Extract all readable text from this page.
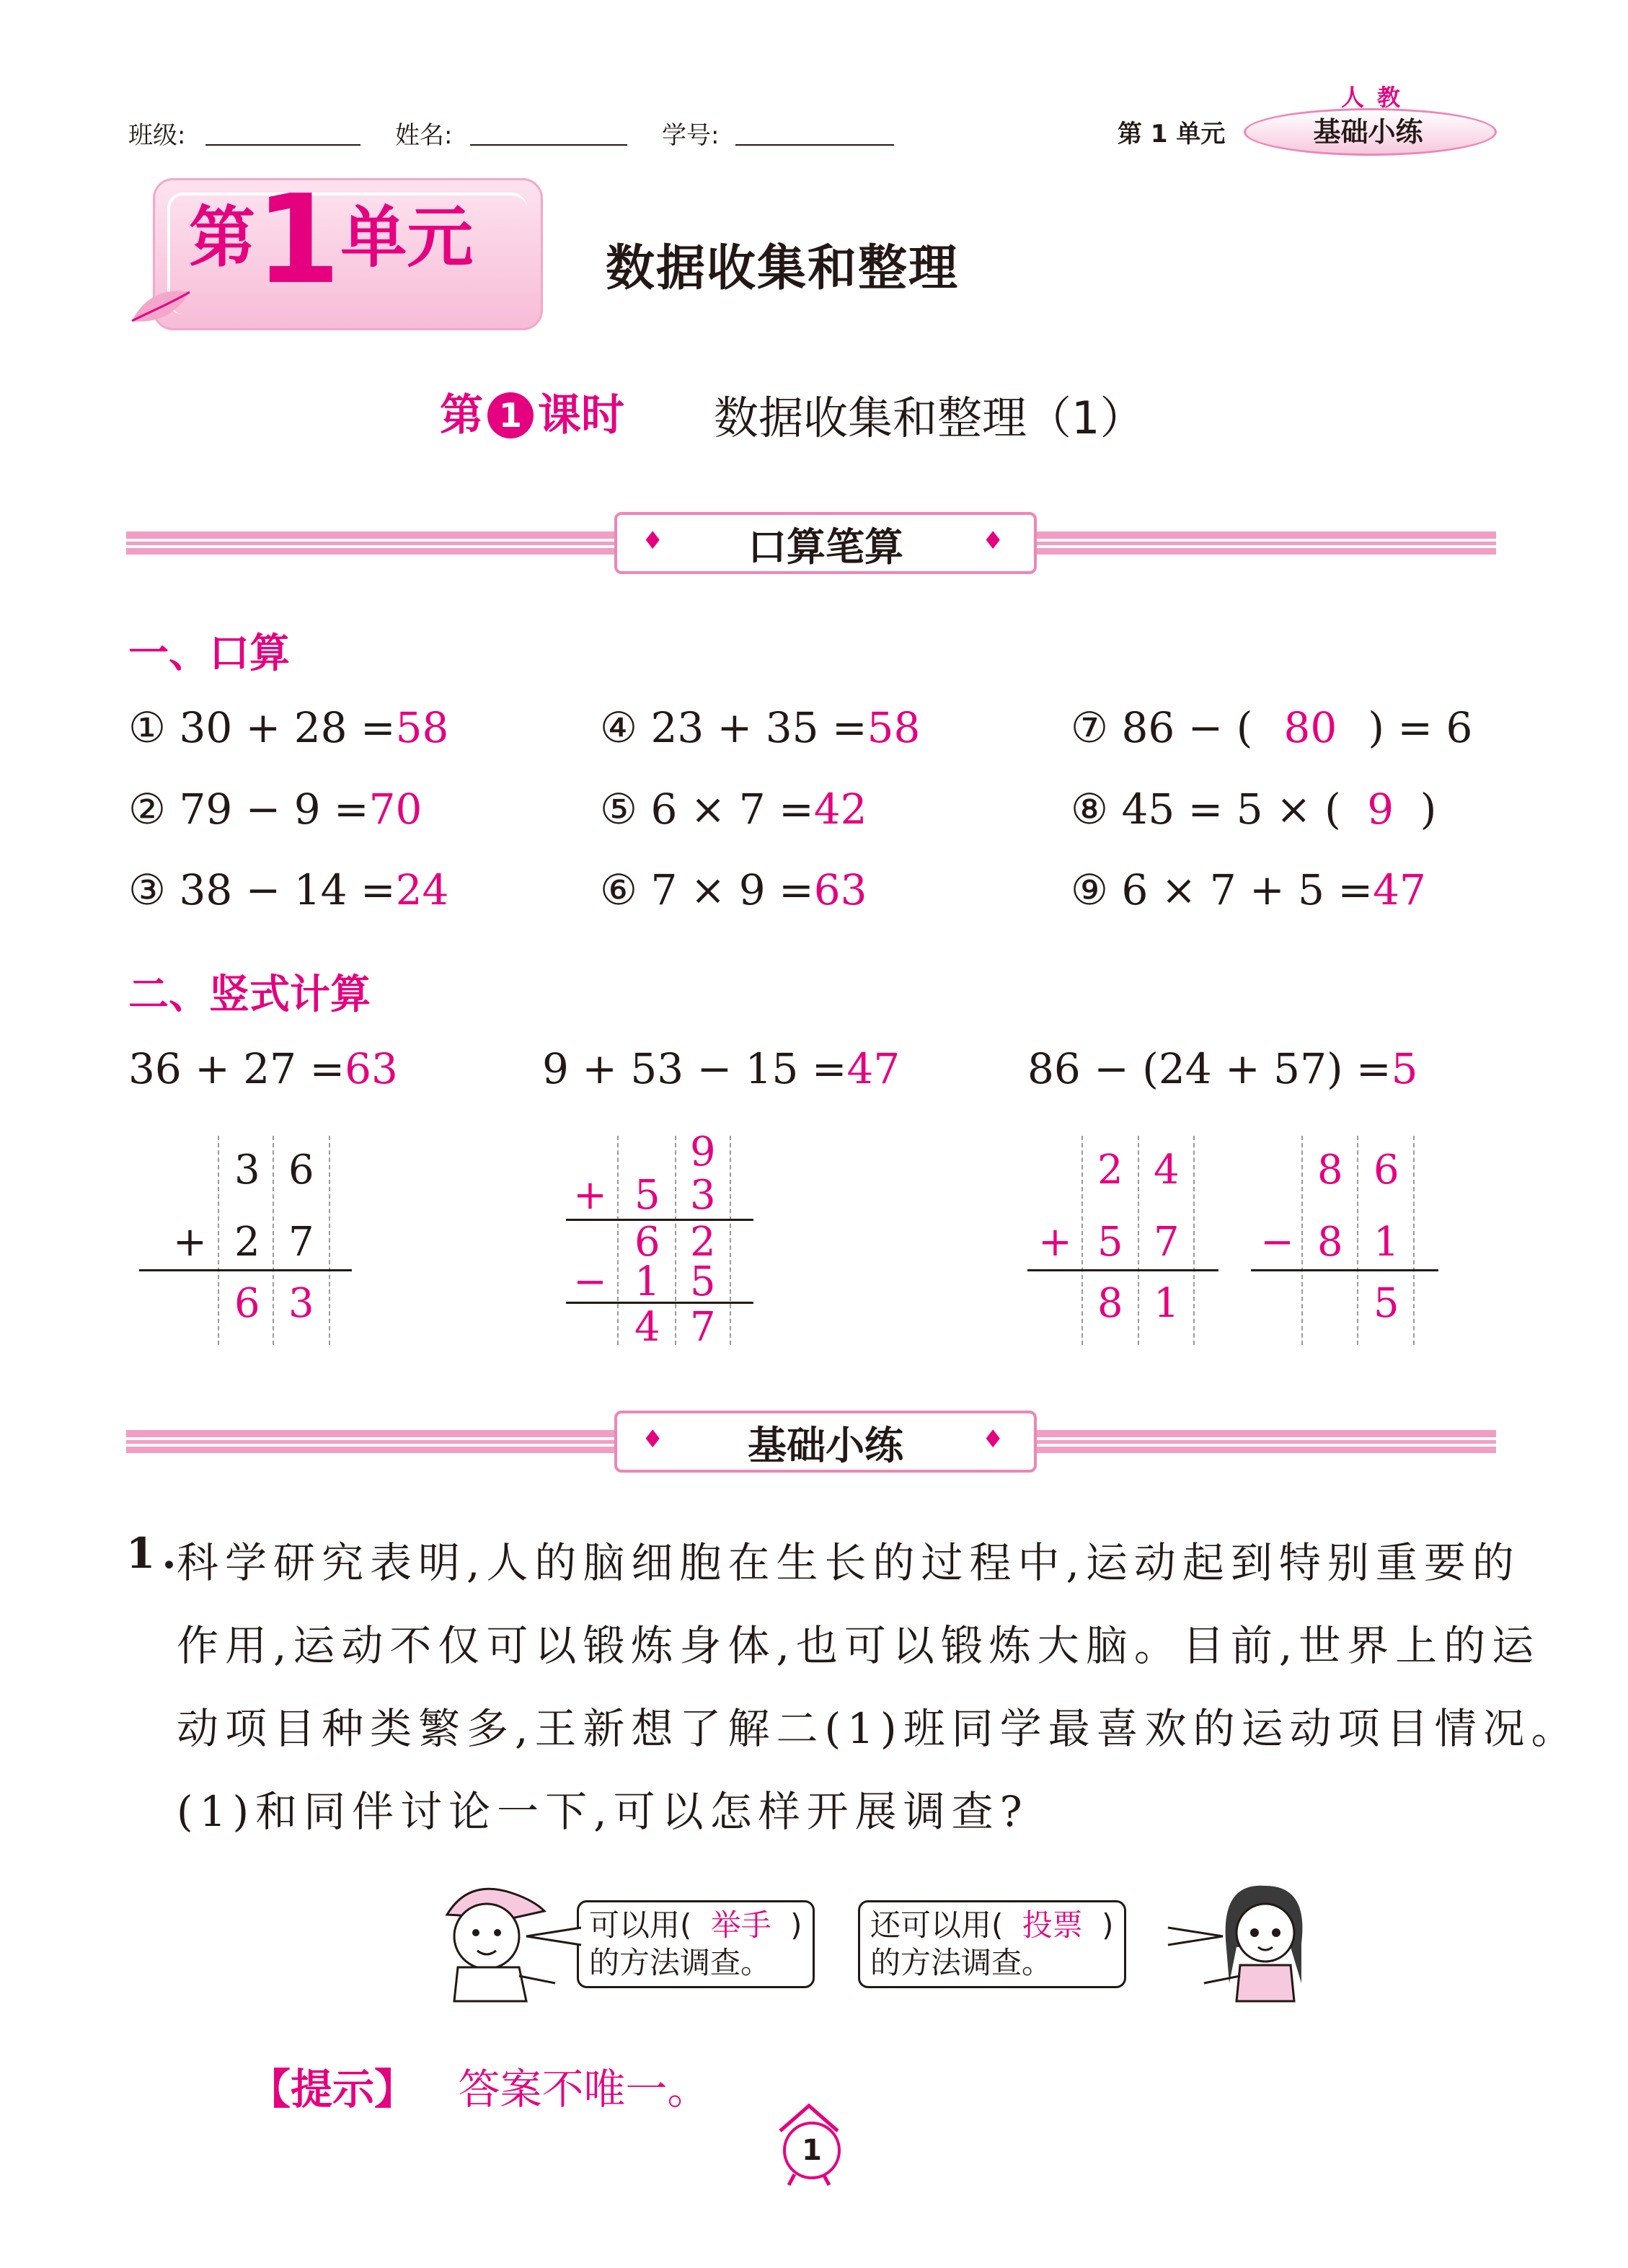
班级:	姓名:	学号:	第 1 单元	基础小练
人教
第1单元	数据收集和整理
第 1 课时 数据收集和整理（1）
口算笔算
♦	♦
一、口算
① 30 + 28 =58
② 79 − 9 =70
③ 38 − 14 =24
④ 23 + 35 =58
⑤ 6 × 7 =42
⑥ 7 × 9 =63
⑦ 86 − ( 80 ) = 6
⑧ 45 = 5 × ( 9 )
⑨ 6 × 7 + 5 =47
二、竖式计算
36 + 27 =63	9 + 53 − 15 =47	86 − (24 + 57) =5
3 6
+ 2 7
6 3
9
+ 5 3
6 2
− 1 5
4 7
2 4
+ 5 7
8 1
8 6
− 8 1
5
基础小练
♦	♦
1.
科学研究表明,人的脑细胞在生长的过程中,运动起到特别重要的
作用,运动不仅可以锻炼身体,也可以锻炼大脑。目前,世界上的运
动项目种类繁多,王新想了解二(1)班同学最喜欢的运动项目情况。
(1)和同伴讨论一下,可以怎样开展调查?
可以用( 举手 )
的方法调查。
还可以用( 投票 )
的方法调查。
【提示】 答案不唯一。
1
